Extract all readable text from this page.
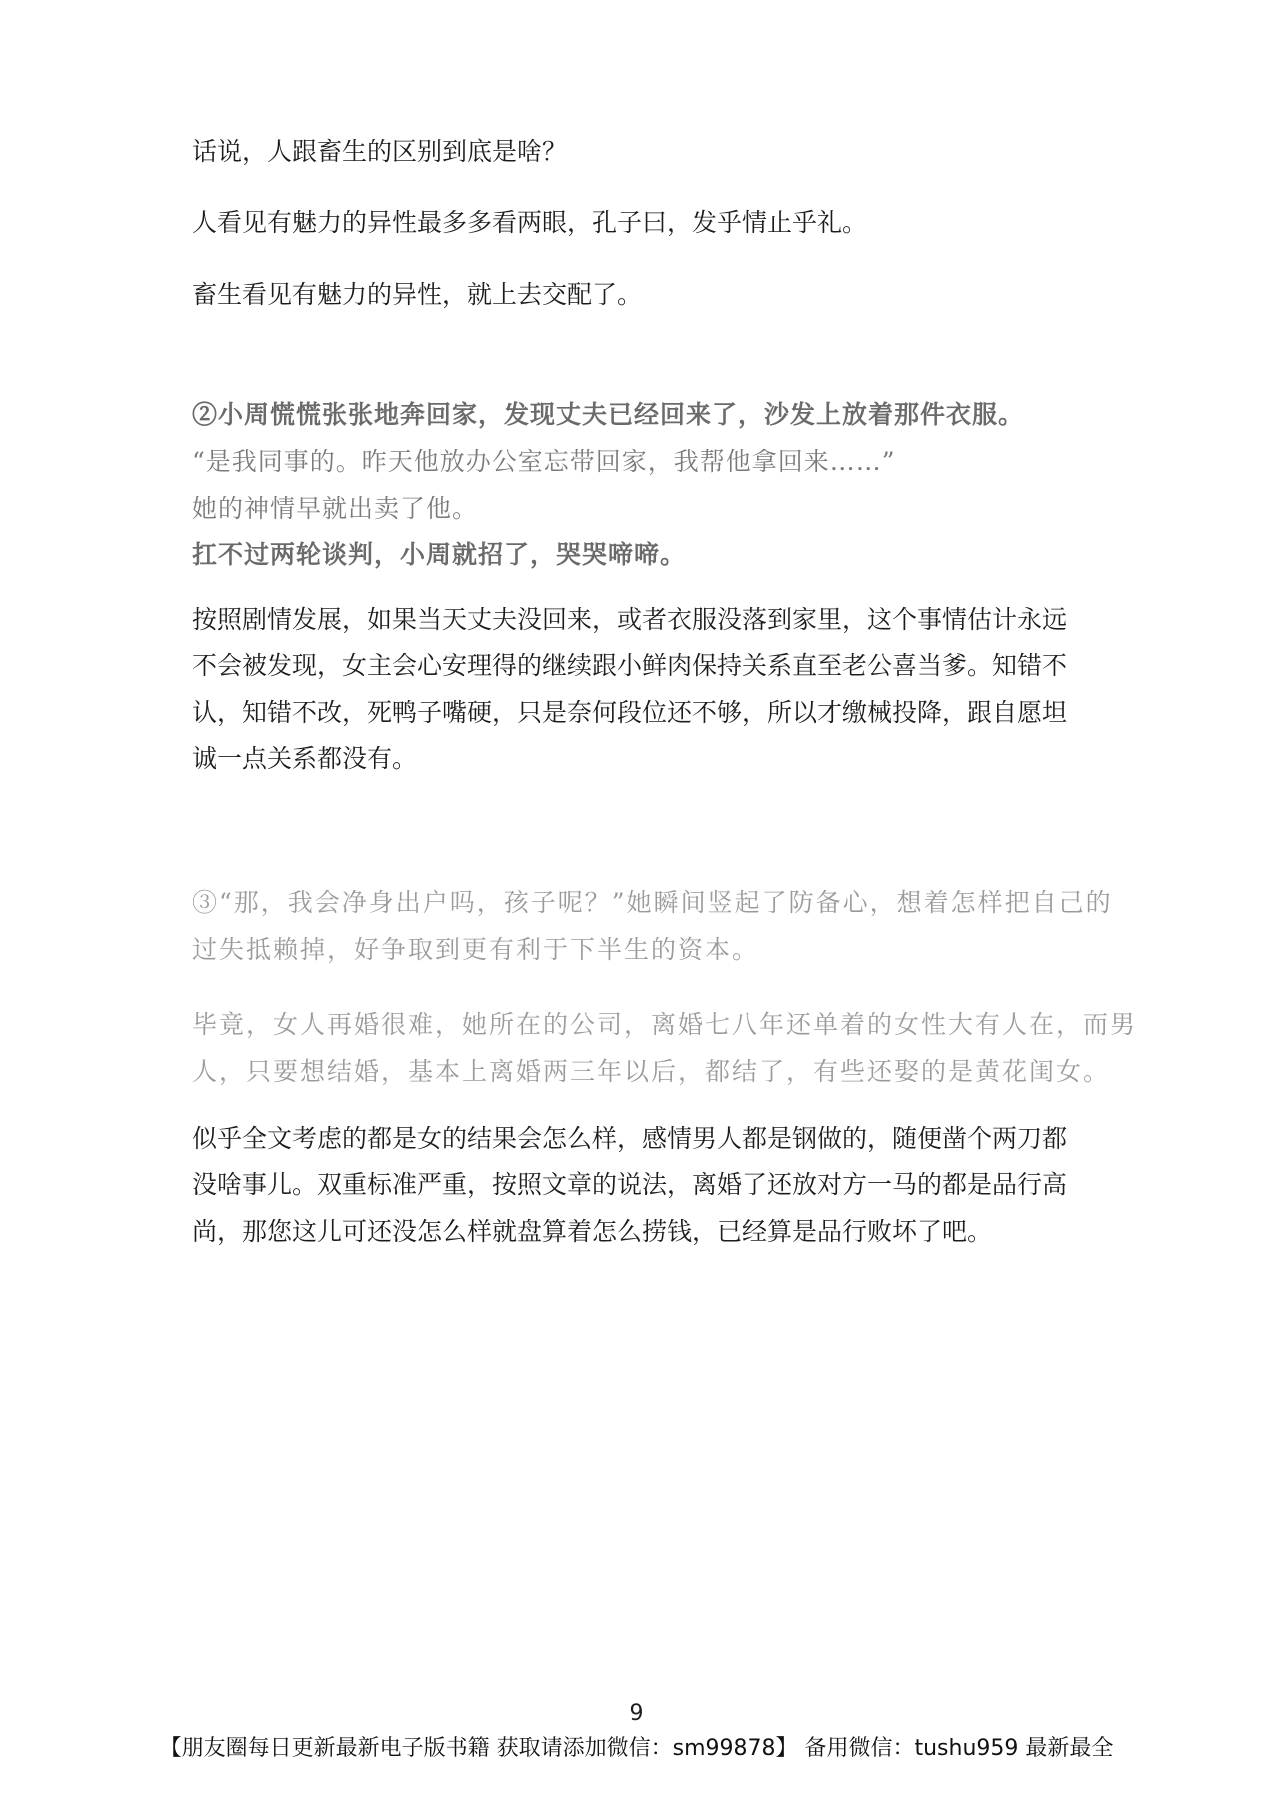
话说，人跟畜生的区别到底是啥？
人看见有魅力的异性最多多看两眼，孔子曰，发乎情止乎礼。
畜生看见有魅力的异性，就上去交配了。
②小周慌慌张张地奔回家，发现丈夫已经回来了，沙发上放着那件衣服。
“是我同事的。昨天他放办公室忘带回家，我帮他拿回来……”
她的神情早就出卖了他。
扛不过两轮谈判，小周就招了，哭哭啼啼。
按照剧情发展，如果当天丈夫没回来，或者衣服没落到家里，这个事情估计永远
不会被发现，女主会心安理得的继续跟小鲜肉保持关系直至老公喜当爹。知错不
认，知错不改，死鸭子嘴硬，只是奈何段位还不够，所以才缴械投降，跟自愿坦
诚一点关系都没有。
③“那，我会净身出户吗，孩子呢？”她瞬间竖起了防备心，想着怎样把自己的
过失抵赖掉，好争取到更有利于下半生的资本。
毕竟，女人再婚很难，她所在的公司，离婚七八年还单着的女性大有人在，而男
人，只要想结婚，基本上离婚两三年以后，都结了，有些还娶的是黄花闺女。
似乎全文考虑的都是女的结果会怎么样，感情男人都是钢做的，随便凿个两刀都
没啥事儿。双重标准严重，按照文章的说法，离婚了还放对方一马的都是品行高
尚，那您这儿可还没怎么样就盘算着怎么捞钱，已经算是品行败坏了吧。
9
【朋友圈每日更新最新电子版书籍 获取请添加微信：sm99878】 备用微信：tushu959 最新最全
